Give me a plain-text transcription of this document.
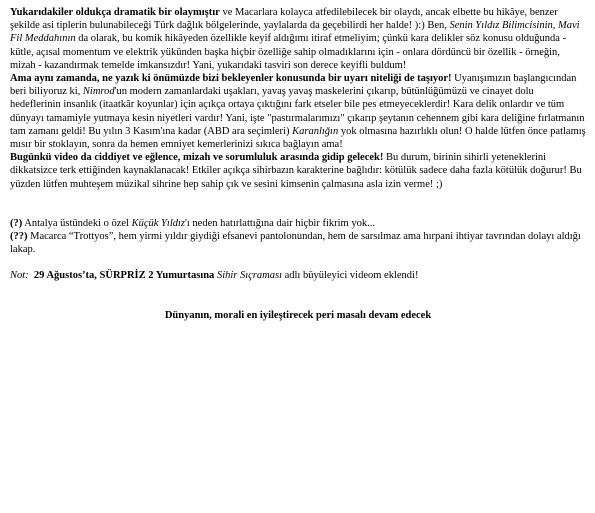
Yukarıdakiler oldukça dramatik bir olaymıştır ve Macarlara kolayca atfedilebilecek bir olaydı, ancak elbette bu hikâye, benzer şekilde asi tiplerin bulunabileceği Türk dağlık bölgelerinde, yaylalarda da geçebilirdi her halde! ):) Ben, Senin Yıldız Bilimcisinin, Mavi Fil Meddahının da olarak, bu komik hikâyeden özellikle keyif aldığımı itiraf etmeliyim; çünkü kara delikler söz konusu olduğunda - kütle, açısal momentum ve elektrik yükünden başka hiçbir özelliğe sahip olmadıklarını için - onlara dördüncü bir özellik - örneğin, mizah - kazandırmak temelde imkansızdır! Yani, yukarıdaki tasviri son derece keyifli buldum!

Ama aynı zamanda, ne yazık ki önümüzde bizi bekleyenler konusunda bir uyarı niteliği de taşıyor! Uyanışımızın başlangıcından beri biliyoruz ki, Nimrod'un modern zamanlardaki uşakları, yavaş yavaş maskelerini çıkarıp, bütünlüğümüzü ve cinayet dolu hedeflerinin insanlık (itaatkâr koyunlar) için açıkça ortaya çıktığını fark etseler bile pes etmeyeceklerdir! Kara delik onlardır ve tüm dünyayı tamamiyle yutmaya kesin niyetleri vardır! Yani, işte "pastırmalarımızı" çıkarıp şeytanın cehennem gibi kara deliğine fırlatmanın tam zamanı geldi! Bu yılın 3 Kasım'ına kadar (ABD ara seçimleri) Karanlığın yok olmasına hazırlıklı olun! O halde lütfen önce patlamış mısır bir stoklayın, sonra da hemen emniyet kemerlerinizi sıkıca bağlayın ama!

Bugünkü video da ciddiyet ve eğlence, mizah ve sorumluluk arasında gidip gelecek! Bu durum, birinin sihirli yeteneklerini dikkatsizce terk ettiğinden kaynaklanacak! Etkiler açıkça sihirbazın karakterine bağlıdır: kötülük sadece daha fazla kötülük doğurur! Bu yüzden lütfen muhteşem müzikal sihrine hep sahip çık ve sesini kimsenin çalmasına asla izin verme! ;)

(?) Antalya üstündeki o özel Küçük Yıldız'ı neden hatırlattığına dair hiçbir fikrim yok...

(??) Macarca “Trottyos”, hem yirmi yıldır giydiği efsanevi pantolonundan, hem de sarsılmaz ama hırpani ihtiyar tavrından dolayı aldığı lakap.

Not: 29 Ağustos’ta, SÜRPRİZ 2 Yumurtasına Sihir Sıçraması adlı büyüleyici videom eklendi!

Dünyanın, morali en iyileştirecek peri masalı devam edecek
